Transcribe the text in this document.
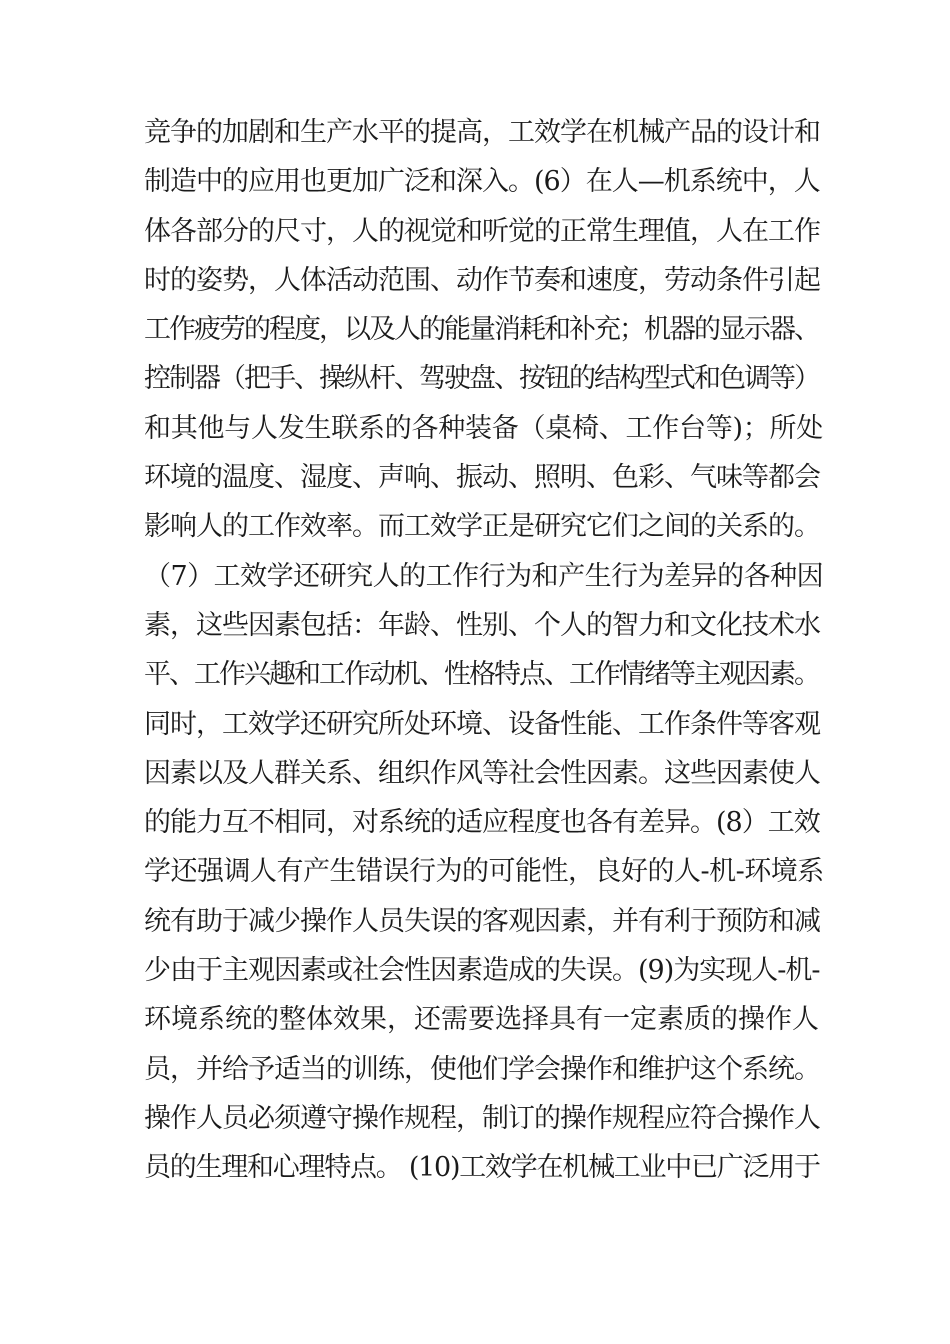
竞争的加剧和生产水平的提高，工效学在机械产品的设计和
制造中的应用也更加广泛和深入。(6）在人—机系统中，人
体各部分的尺寸，人的视觉和听觉的正常生理值，人在工作
时的姿势，人体活动范围、动作节奏和速度，劳动条件引起
工作疲劳的程度，以及人的能量消耗和补充；机器的显示器、
控制器（把手、操纵杆、驾驶盘、按钮的结构型式和色调等）
和其他与人发生联系的各种装备（桌椅、工作台等)；所处
环境的温度、湿度、声响、振动、照明、色彩、气味等都会
影响人的工作效率。而工效学正是研究它们之间的关系的。
（7）工效学还研究人的工作行为和产生行为差异的各种因
素，这些因素包括：年龄、性别、个人的智力和文化技术水
平、工作兴趣和工作动机、性格特点、工作情绪等主观因素。
同时，工效学还研究所处环境、设备性能、工作条件等客观
因素以及人群关系、组织作风等社会性因素。这些因素使人
的能力互不相同，对系统的适应程度也各有差异。(8）工效
学还强调人有产生错误行为的可能性，良好的人-机-环境系
统有助于减少操作人员失误的客观因素，并有利于预防和减
少由于主观因素或社会性因素造成的失误。(9)为实现人-机-
环境系统的整体效果，还需要选择具有一定素质的操作人
员，并给予适当的训练，使他们学会操作和维护这个系统。
操作人员必须遵守操作规程，制订的操作规程应符合操作人
员的生理和心理特点。 (10)工效学在机械工业中已广泛用于
